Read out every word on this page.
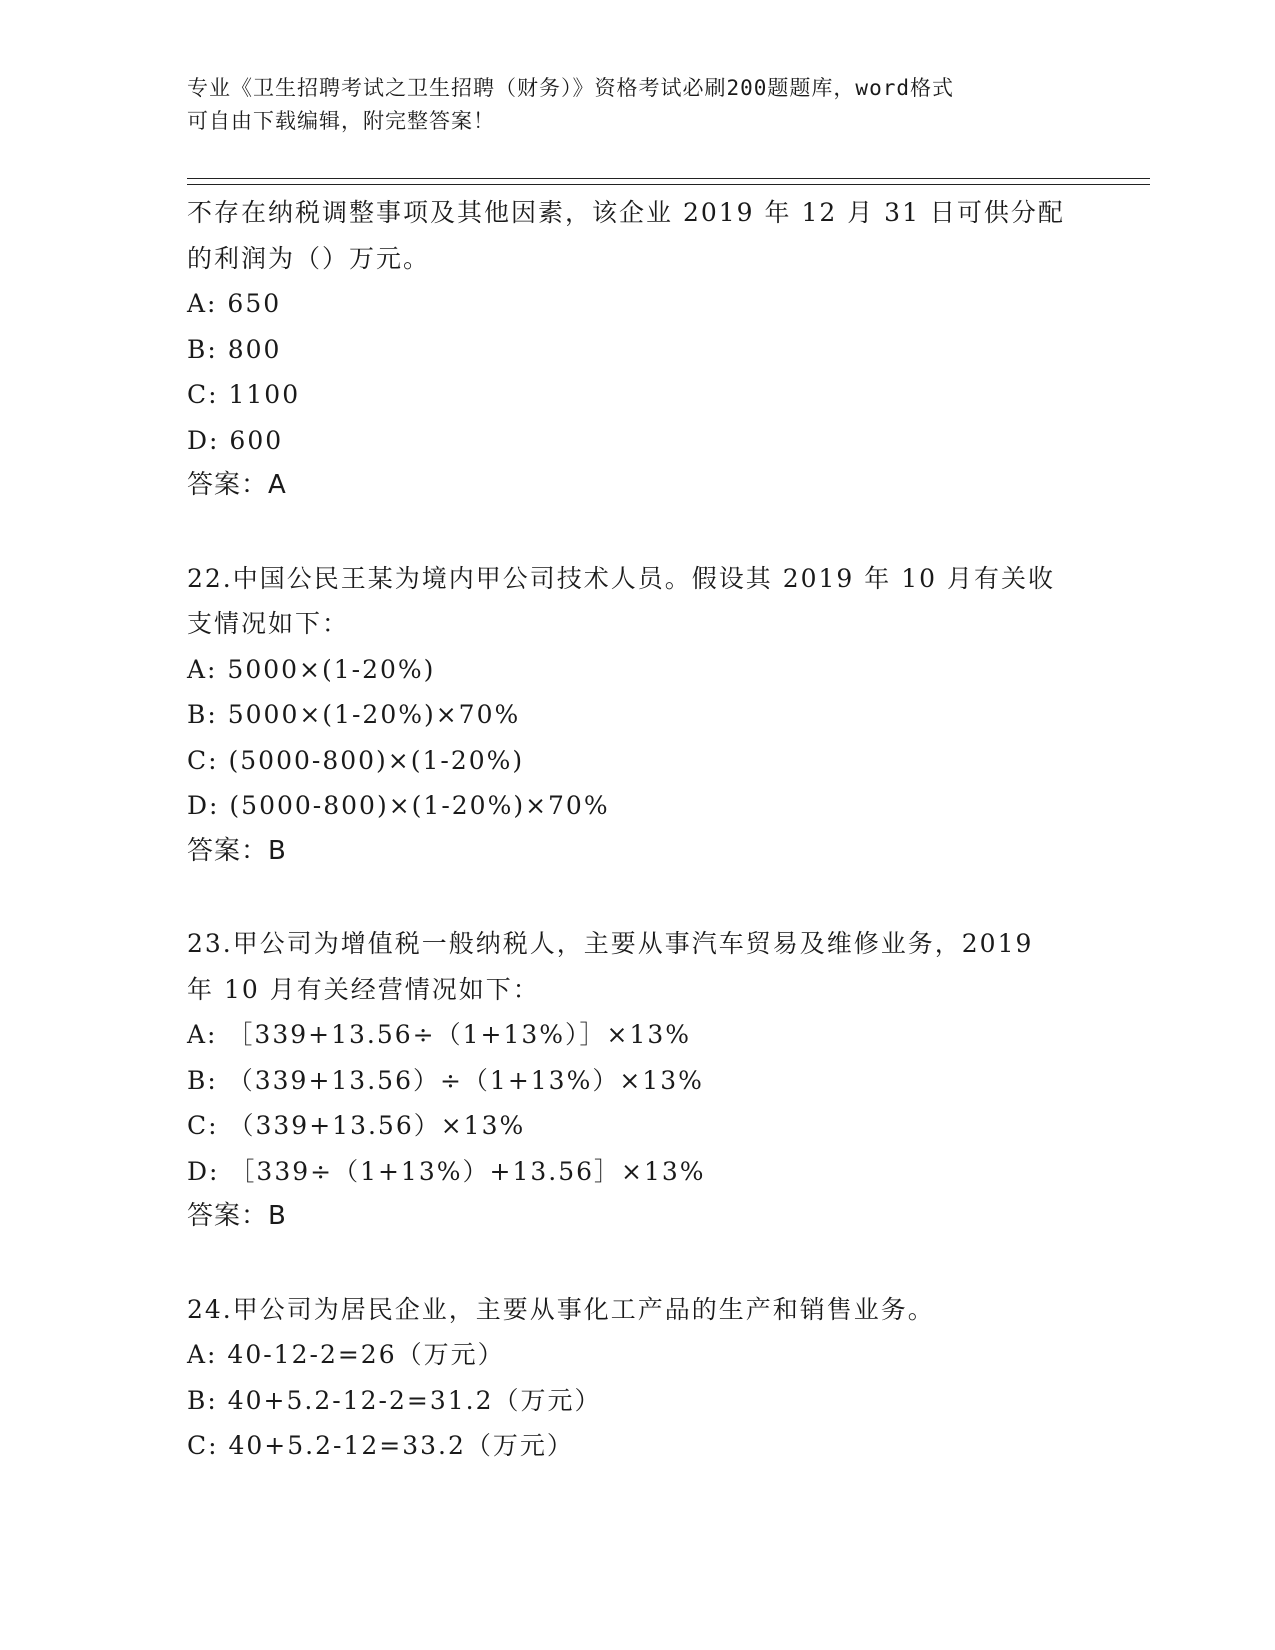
专业《卫生招聘考试之卫生招聘（财务）》资格考试必刷200题题库，word格式
可自由下载编辑，附完整答案！
不存在纳税调整事项及其他因素，该企业 2019 年 12 月 31 日可供分配
的利润为（）万元。
A: 650
B: 800
C: 1100
D: 600
答案：A
22.中国公民王某为境内甲公司技术人员。假设其 2019 年 10 月有关收
支情况如下：
A: 5000×(1-20%)
B: 5000×(1-20%)×70%
C: (5000-800)×(1-20%)
D: (5000-800)×(1-20%)×70%
答案：B
23.甲公司为增值税一般纳税人，主要从事汽车贸易及维修业务，2019
年 10 月有关经营情况如下：
A: ［339+13.56÷（1+13%）］×13%
B: （339+13.56）÷（1+13%）×13%
C: （339+13.56）×13%
D: ［339÷（1+13%）+13.56］×13%
答案：B
24.甲公司为居民企业，主要从事化工产品的生产和销售业务。
A: 40-12-2=26（万元）
B: 40+5.2-12-2=31.2（万元）
C: 40+5.2-12=33.2（万元）
